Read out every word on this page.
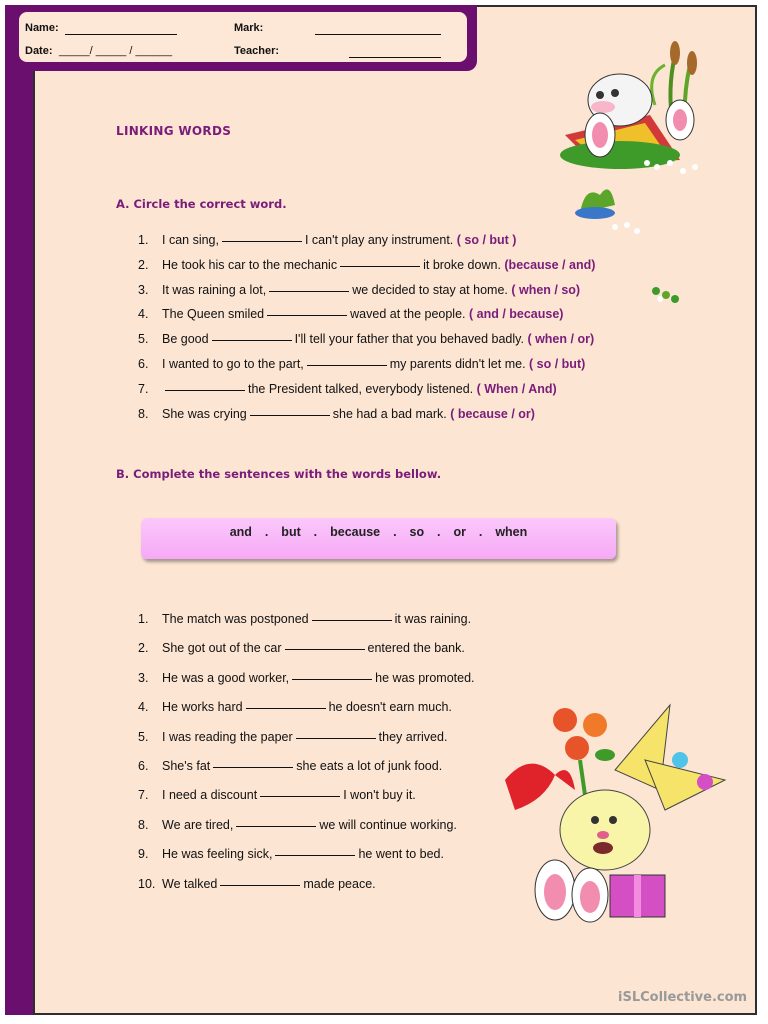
Name:
Date: _____/ _____ / ______
Mark:
Teacher:
LINKING WORDS
A. Circle the correct word.
1. I can sing,	I can't play any instrument. ( so / but )
2. He took his car to the mechanic	it broke down. (because / and)
3. It was raining a lot,	we decided to stay at home. ( when / so)
4. The Queen smiled	waved at the people. ( and / because)
5. Be good	I'll tell your father that you behaved badly. ( when / or)
6. I wanted to go to the part,	my parents didn't let me. ( so / but)
7.	the President talked, everybody listened. ( When / And)
8. She was crying	she had a bad mark. ( because / or)
B. Complete the sentences with the words bellow.
and  .  but  .  because  .  so  .  or  .  when
1. The match was postponed	it was raining.
2. She got out of the car	entered the bank.
3. He was a good worker,	he was promoted.
4. He works hard	he doesn't earn much.
5. I was reading the paper	they arrived.
6. She's fat	she eats a lot of junk food.
7. I need a discount	I won't buy it.
8. We are tired,	we will continue working.
9. He was feeling sick,	he went to bed.
10. We talked	made peace.
iSLCollective.com
